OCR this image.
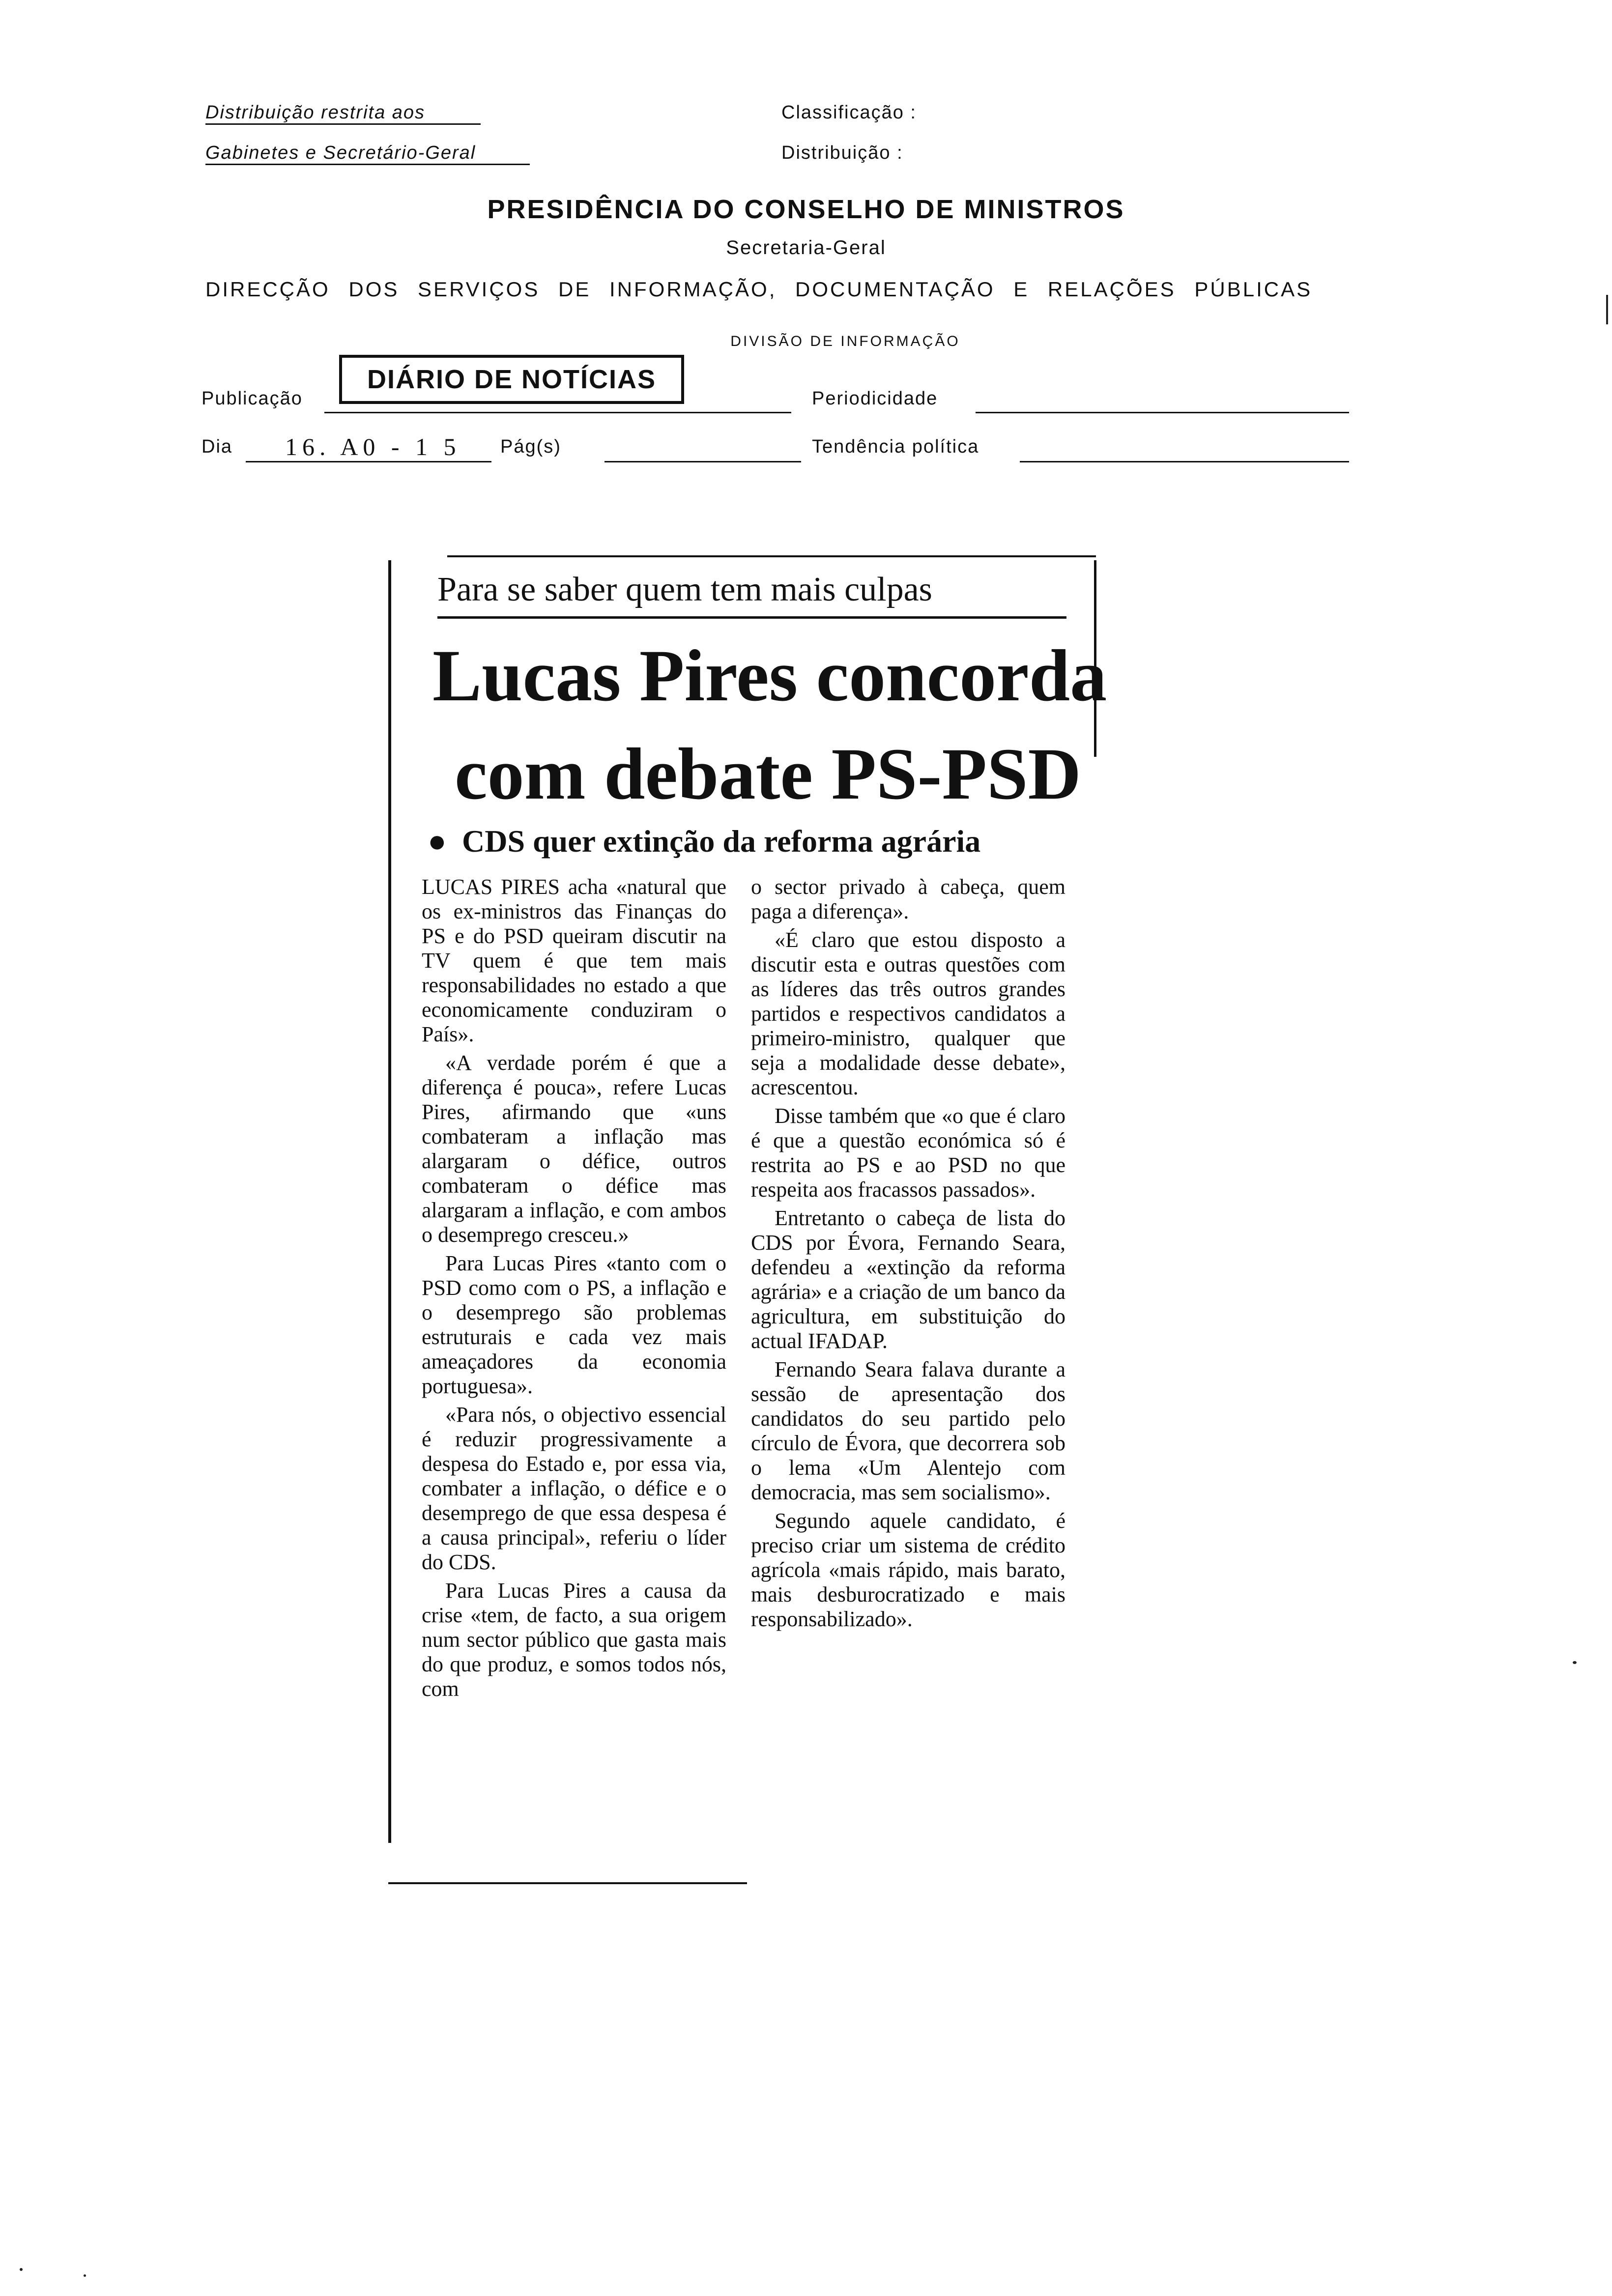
Distribuição restrita aos
Gabinetes e Secretário-Geral
Classificação :
Distribuição :
PRESIDÊNCIA DO CONSELHO DE MINISTROS
Secretaria-Geral
DIRECÇÃO DOS SERVIÇOS DE INFORMAÇÃO, DOCUMENTAÇÃO E RELAÇÕES PÚBLICAS
DIVISÃO DE INFORMAÇÃO
Publicação
DIÁRIO DE NOTÍCIAS
Periodicidade
Dia 16. A0 - 1 5 Pág(s)	Tendência política
Para se saber quem tem mais culpas
Lucas Pires concorda
com debate PS-PSD
● CDS quer extinção da reforma agrária

LUCAS PIRES acha «natural que os ex-ministros das Finanças do PS e do PSD queiram discutir na TV quem é que tem mais responsabilidades no estado a que economicamente conduziram o País».

«A verdade porém é que a diferença é pouca», refere Lucas Pires, afirmando que «uns combateram a inflação mas alargaram o défice, outros combateram o défice mas alargaram a inflação, e com ambos o desemprego cresceu.»

Para Lucas Pires «tanto com o PSD como com o PS, a inflação e o desemprego são problemas estruturais e cada vez mais ameaçadores da economia portuguesa».

«Para nós, o objectivo essencial é reduzir progressivamente a despesa do Estado e, por essa via, combater a inflação, o défice e o desemprego de que essa despesa é a causa principal», referiu o líder do CDS.

Para Lucas Pires a causa da crise «tem, de facto, a sua origem num sector público que gasta mais do que produz, e somos todos nós, com

o sector privado à cabeça, quem paga a diferença».

«É claro que estou disposto a discutir esta e outras questões com as líderes das três outros grandes partidos e respectivos candidatos a primeiro-ministro, qualquer que seja a modalidade desse debate», acrescentou.

Disse também que «o que é claro é que a questão económica só é restrita ao PS e ao PSD no que respeita aos fracassos passados».

Entretanto o cabeça de lista do CDS por Évora, Fernando Seara, defendeu a «extinção da reforma agrária» e a criação de um banco da agricultura, em substituição do actual IFADAP.

Fernando Seara falava durante a sessão de apresentação dos candidatos do seu partido pelo círculo de Évora, que decorrera sob o lema «Um Alentejo com democracia, mas sem socialismo».

Segundo aquele candidato, é preciso criar um sistema de crédito agrícola «mais rápido, mais barato, mais desburocratizado e mais responsabilizado».
